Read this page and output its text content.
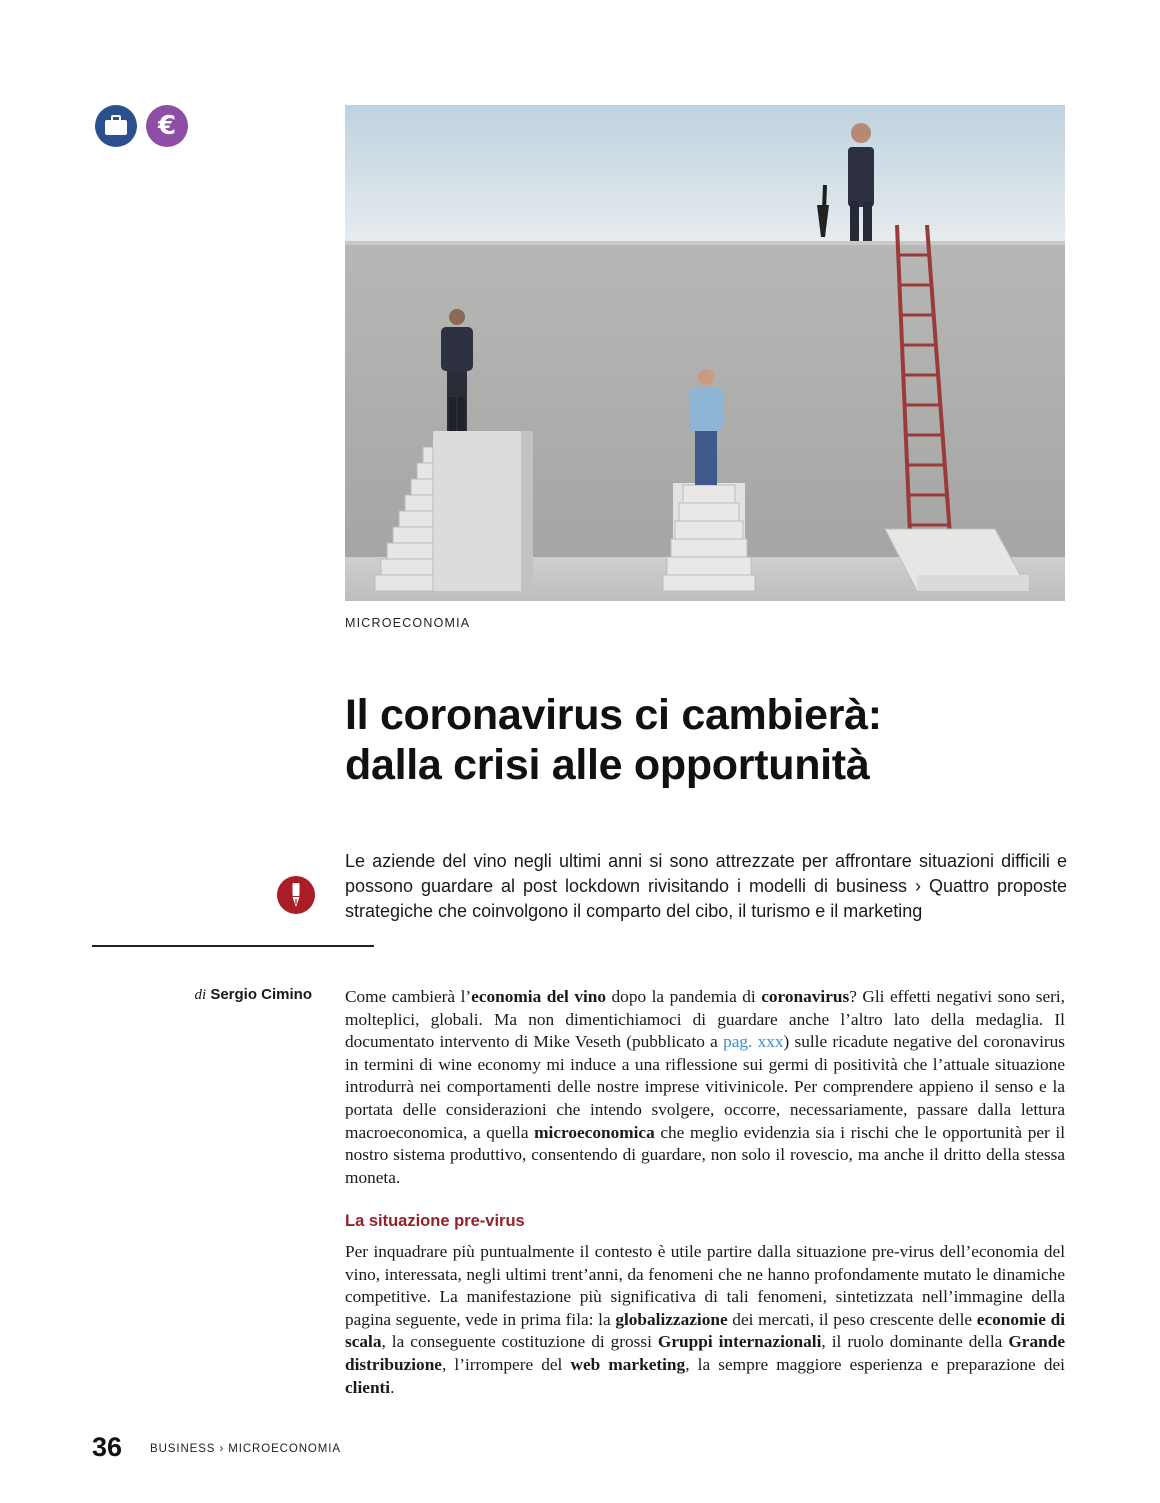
€
MICROECONOMIA
Il coronavirus ci cambierà:
dalla crisi alle opportunità

Le aziende del vino negli ultimi anni si sono attrezzate per affrontare situazioni difficili e possono guardare al post lockdown rivisitando i modelli di business › Quattro proposte strategiche che coinvolgono il comparto del cibo, il turismo e il marketing

di Sergio Cimino Come cambierà l’economia del vino dopo la pandemia di coronavirus? Gli effetti negativi sono seri, molteplici, globali. Ma non dimentichiamoci di guardare anche l’altro lato della medaglia. Il documentato intervento di Mike Veseth (pubblicato a pag. xxx) sulle ricadute negative del coronavirus in termini di wine economy mi induce a una riflessione sui germi di positività che l’attuale situazione introdurrà nei comportamenti delle nostre imprese vitivinicole. Per comprendere appieno il senso e la portata delle considerazioni che intendo svolgere, occorre, necessariamente, passare dalla lettura macroeconomica, a quella microeconomica che meglio evidenzia sia i rischi che le opportunità per il nostro sistema produttivo, consentendo di guardare, non solo il rovescio, ma anche il dritto della stessa moneta.

La situazione pre-virus

Per inquadrare più puntualmente il contesto è utile partire dalla situazione pre-virus dell’economia del vino, interessata, negli ultimi trent’anni, da fenomeni che ne hanno profondamente mutato le dinamiche competitive. La manifestazione più significativa di tali fenomeni, sintetizzata nell’immagine della pagina seguente, vede in prima fila: la globalizzazione dei mercati, il peso crescente delle economie di scala, la conseguente costituzione di grossi Gruppi internazionali, il ruolo dominante della Grande distribuzione, l’irrompere del web marketing, la sempre maggiore esperienza e preparazione dei clienti.

36 BUSINESS › MICROECONOMIA
